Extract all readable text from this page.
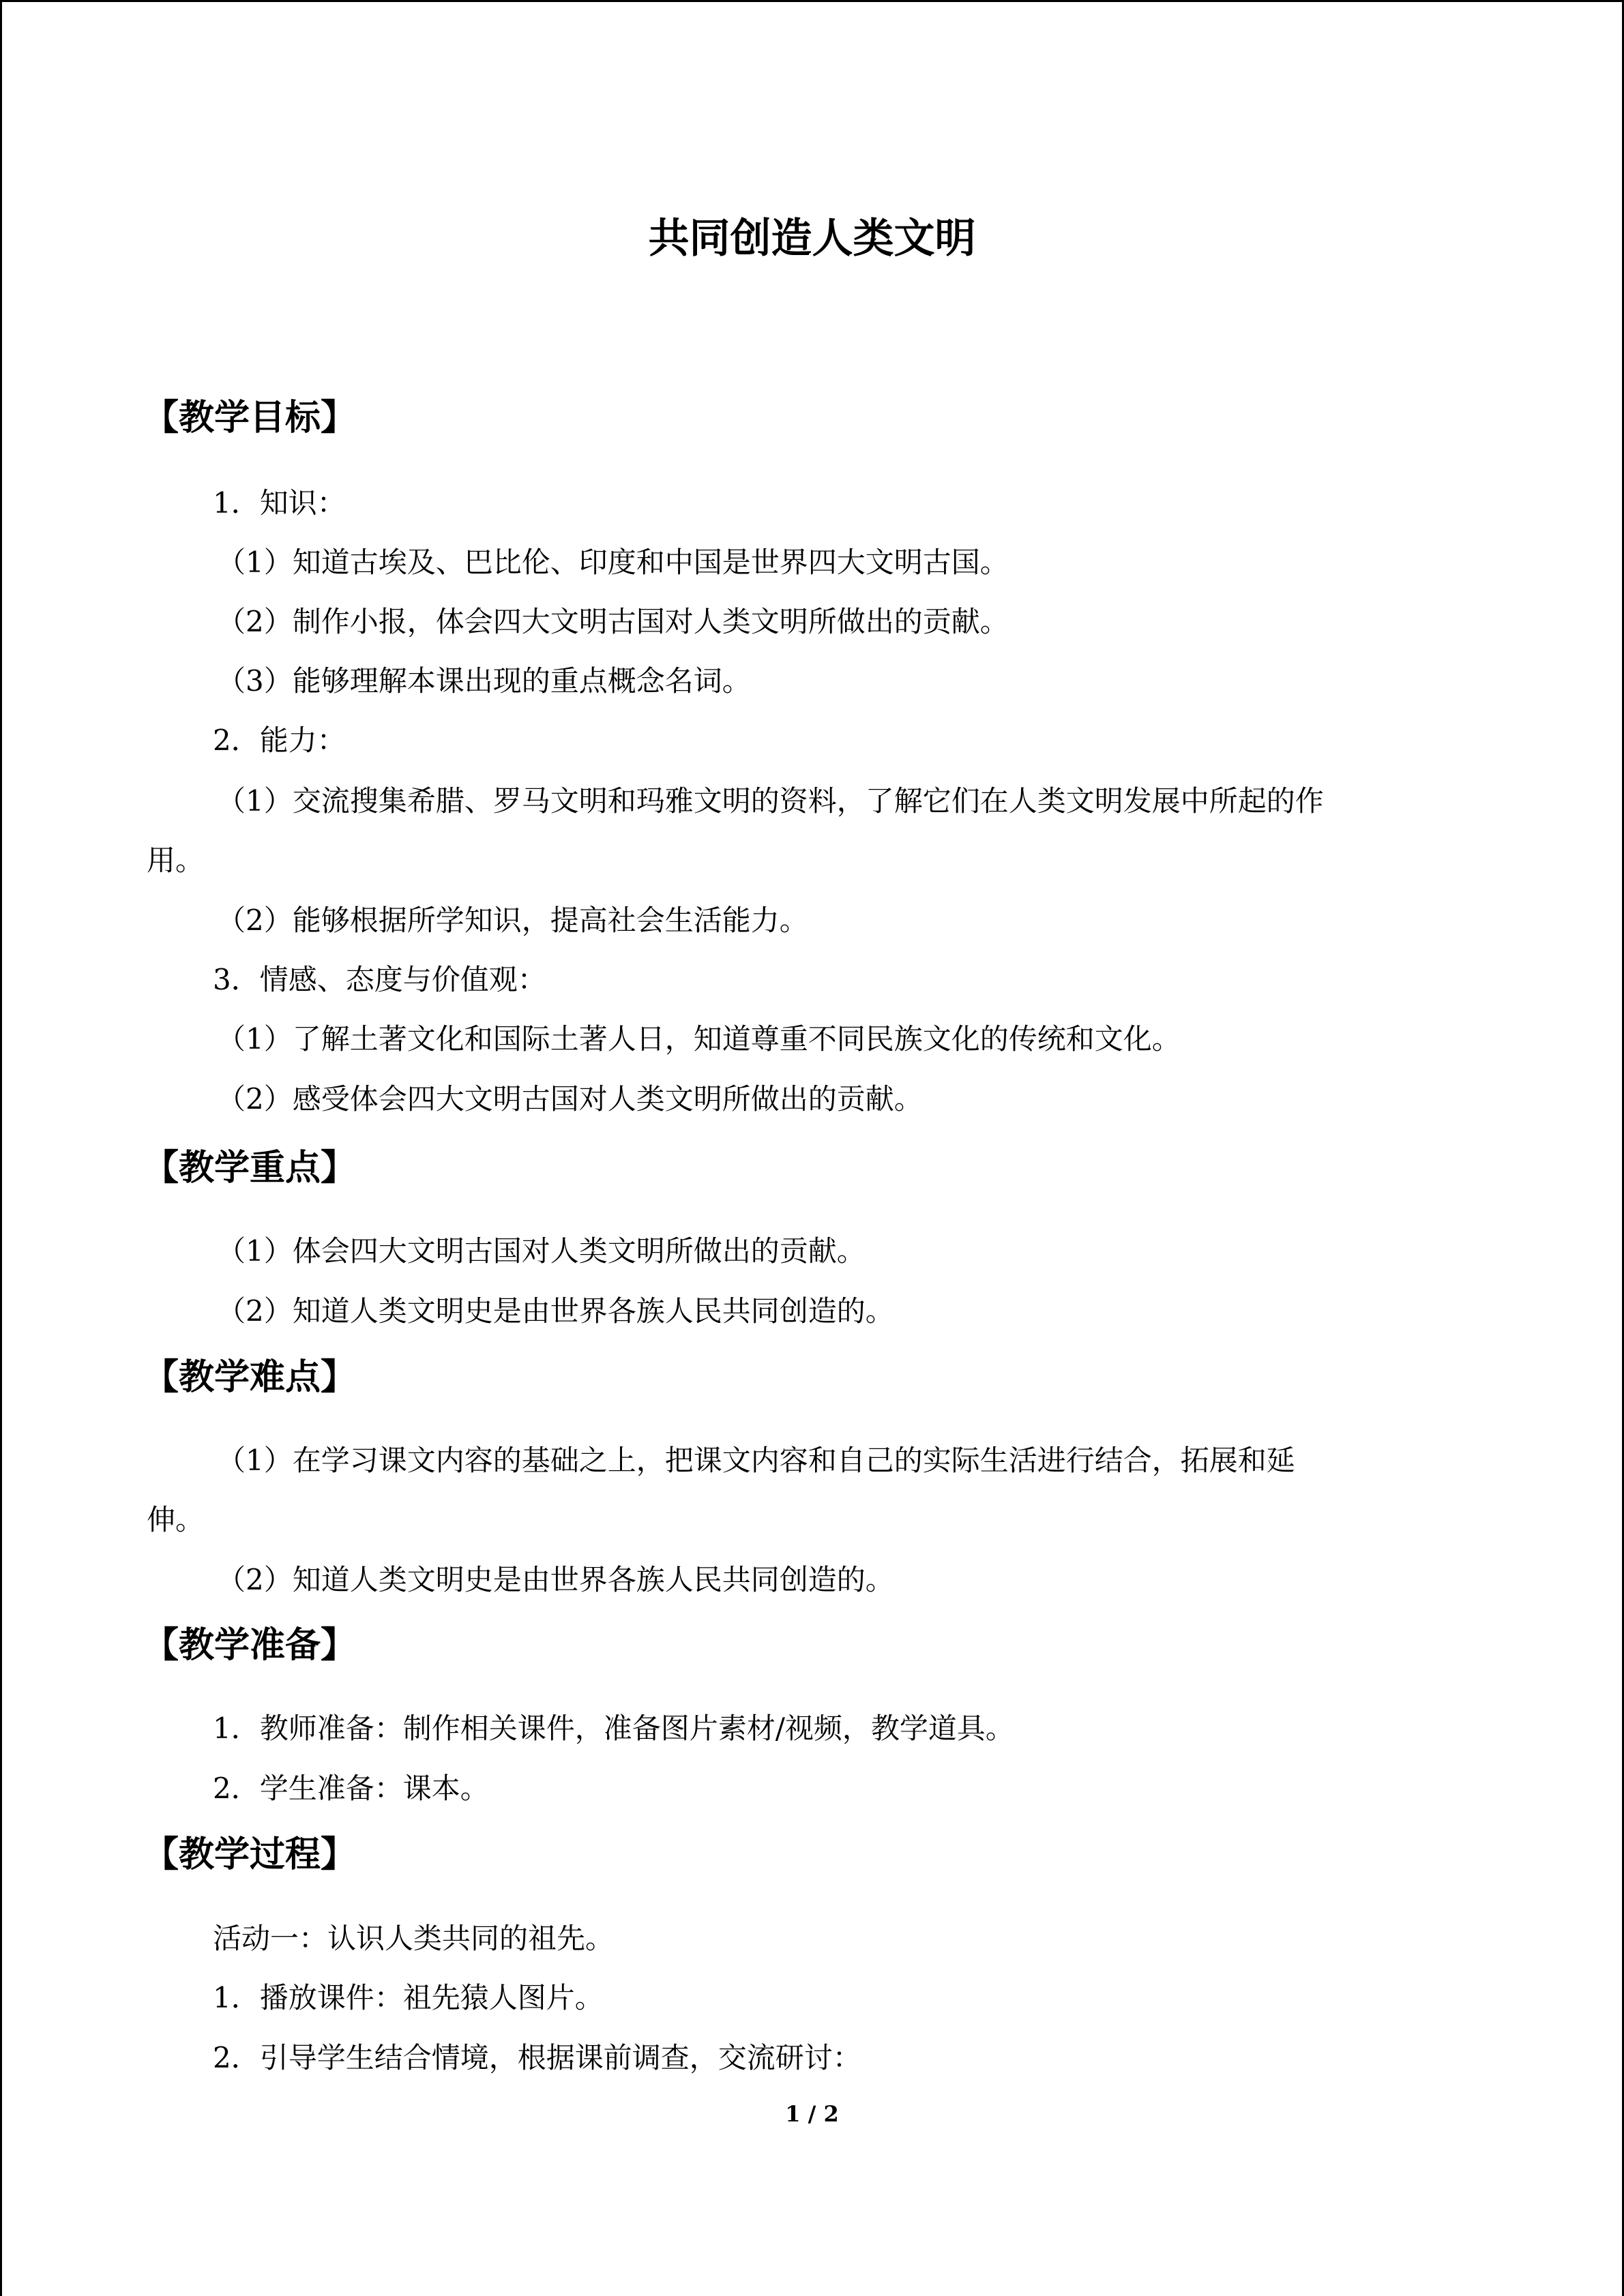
共同创造人类文明
【教学目标】
1．知识：
（1）知道古埃及、巴比伦、印度和中国是世界四大文明古国。
（2）制作小报，体会四大文明古国对人类文明所做出的贡献。
（3）能够理解本课出现的重点概念名词。
2．能力：
（1）交流搜集希腊、罗马文明和玛雅文明的资料，了解它们在人类文明发展中所起的作
用。
（2）能够根据所学知识，提高社会生活能力。
3．情感、态度与价值观：
（1）了解土著文化和国际土著人日，知道尊重不同民族文化的传统和文化。
（2）感受体会四大文明古国对人类文明所做出的贡献。
【教学重点】
（1）体会四大文明古国对人类文明所做出的贡献。
（2）知道人类文明史是由世界各族人民共同创造的。
【教学难点】
（1）在学习课文内容的基础之上，把课文内容和自己的实际生活进行结合，拓展和延
伸。
（2）知道人类文明史是由世界各族人民共同创造的。
【教学准备】
1．教师准备：制作相关课件，准备图片素材/视频，教学道具。
2．学生准备：课本。
【教学过程】
活动一：认识人类共同的祖先。
1．播放课件：祖先猿人图片。
2．引导学生结合情境，根据课前调查，交流研讨：
1 / 2
